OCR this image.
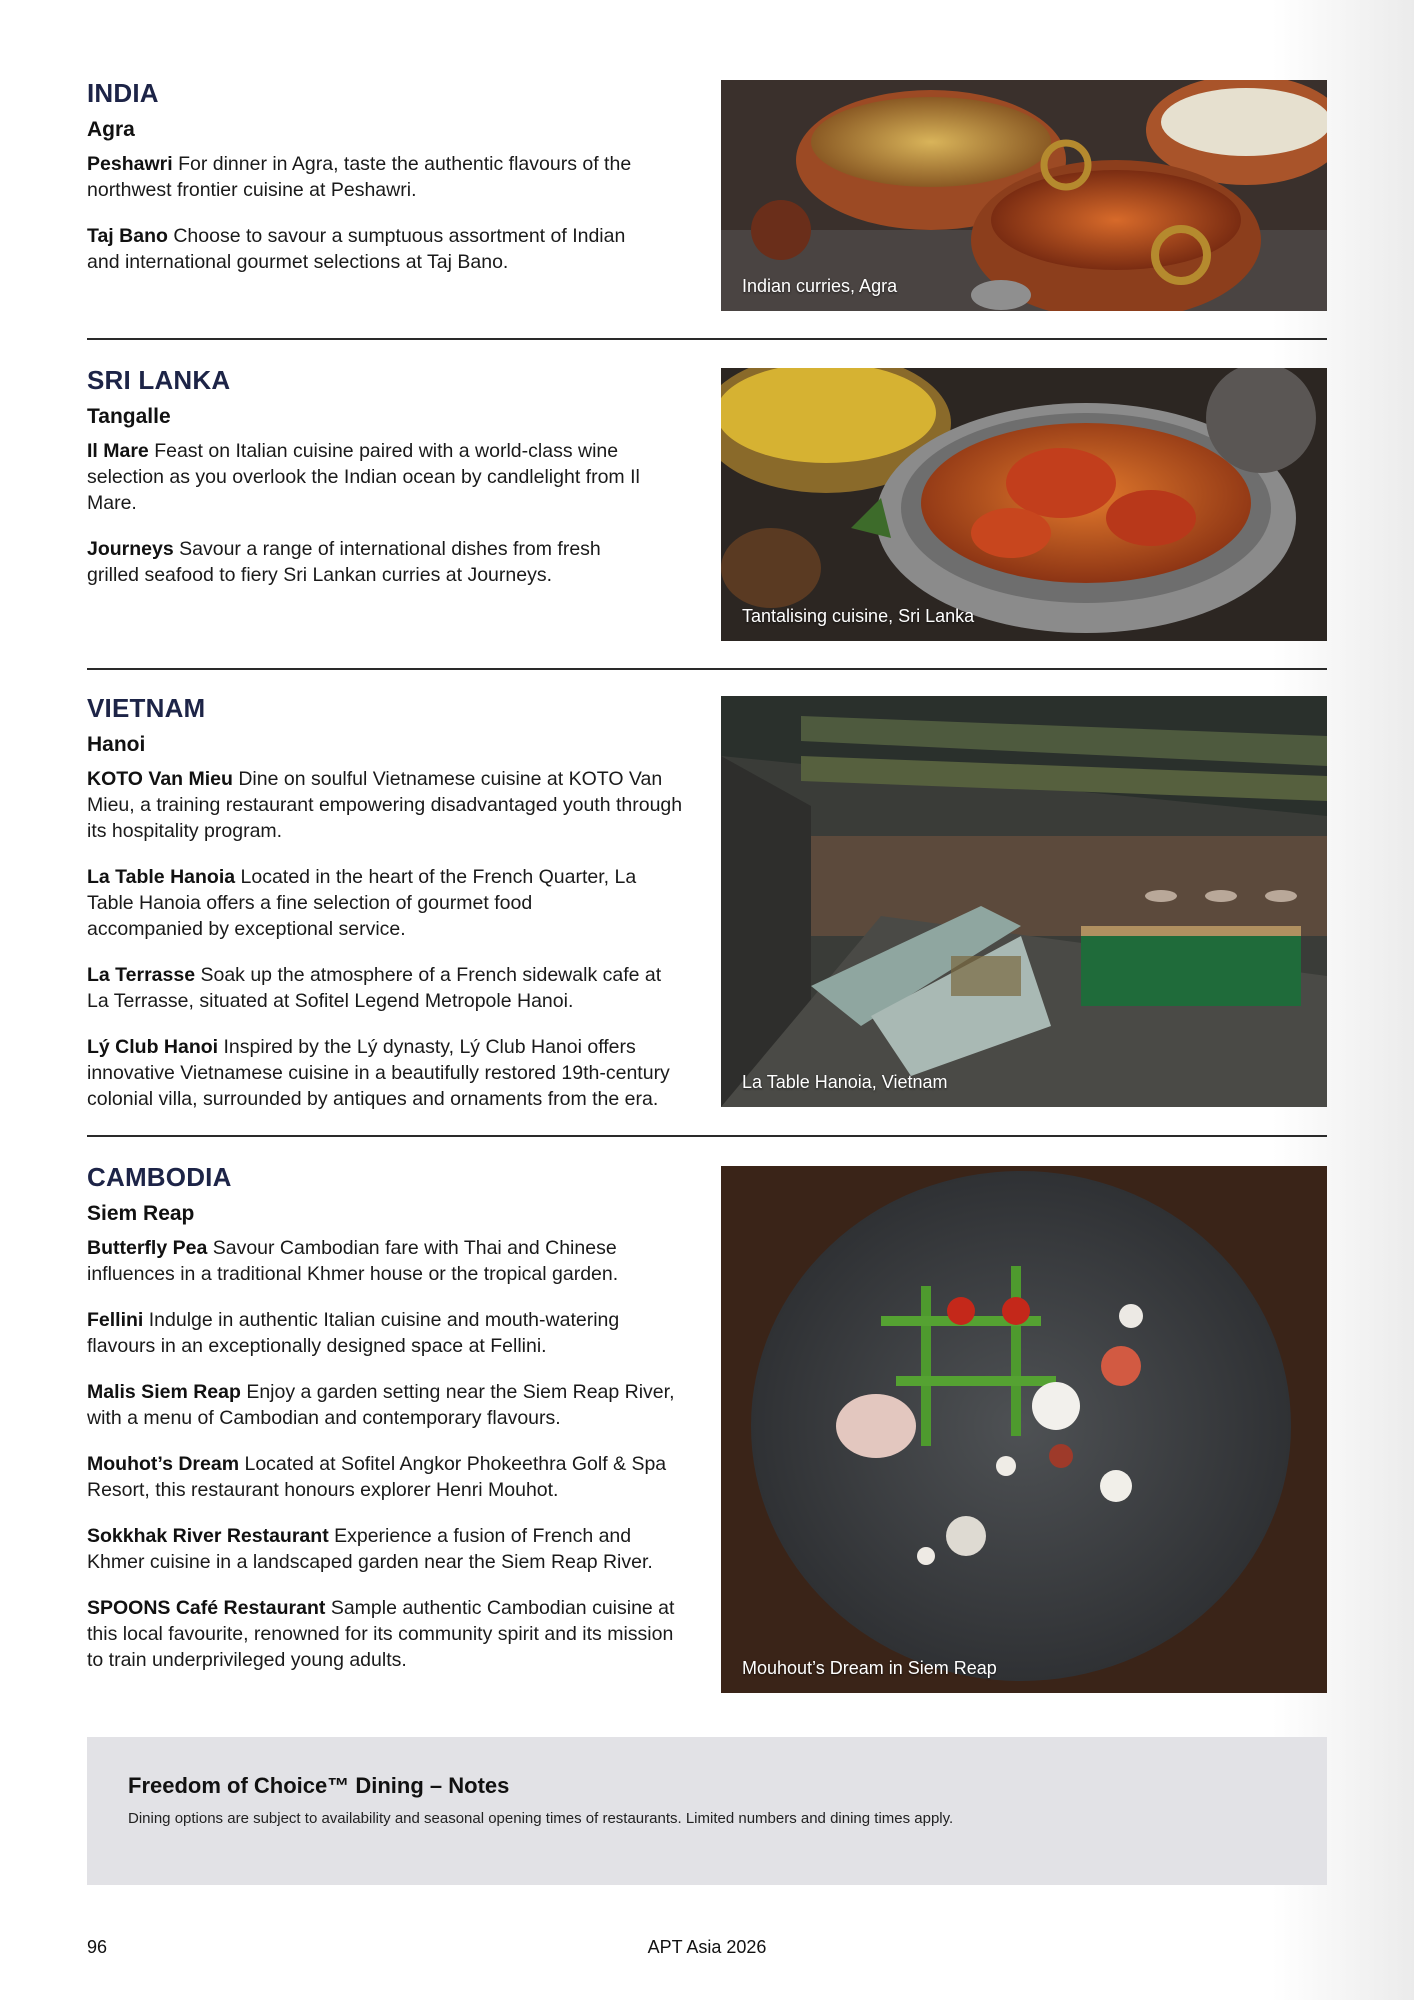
INDIA
Agra

Peshawri For dinner in Agra, taste the authentic flavours of the northwest frontier cuisine at Peshawri.

Taj Bano Choose to savour a sumptuous assortment of Indian and international gourmet selections at Taj Bano.

Indian curries, Agra
SRI LANKA
Tangalle

Il Mare Feast on Italian cuisine paired with a world-class wine selection as you overlook the Indian ocean by candlelight from Il Mare.

Journeys Savour a range of international dishes from fresh grilled seafood to fiery Sri Lankan curries at Journeys.

Tantalising cuisine, Sri Lanka
VIETNAM
Hanoi

KOTO Van Mieu Dine on soulful Vietnamese cuisine at KOTO Van Mieu, a training restaurant empowering disadvantaged youth through its hospitality program.

La Table Hanoia Located in the heart of the French Quarter, La Table Hanoia offers a fine selection of gourmet food accompanied by exceptional service.

La Terrasse Soak up the atmosphere of a French sidewalk cafe at La Terrasse, situated at Sofitel Legend Metropole Hanoi.

Lý Club Hanoi Inspired by the Lý dynasty, Lý Club Hanoi offers innovative Vietnamese cuisine in a beautifully restored 19th-century colonial villa, surrounded by antiques and ornaments from the era.

La Table Hanoia, Vietnam
CAMBODIA
Siem Reap

Butterfly Pea Savour Cambodian fare with Thai and Chinese influences in a traditional Khmer house or the tropical garden.

Fellini Indulge in authentic Italian cuisine and mouth-watering flavours in an exceptionally designed space at Fellini.

Malis Siem Reap Enjoy a garden setting near the Siem Reap River, with a menu of Cambodian and contemporary flavours.

Mouhot’s Dream Located at Sofitel Angkor Phokeethra Golf & Spa Resort, this restaurant honours explorer Henri Mouhot.

Sokkhak River Restaurant Experience a fusion of French and Khmer cuisine in a landscaped garden near the Siem Reap River.

SPOONS Café Restaurant Sample authentic Cambodian cuisine at this local favourite, renowned for its community spirit and its mission to train underprivileged young adults.	Mouhout’s Dream in Siem Reap
Freedom of Choice™ Dining – Notes
Dining options are subject to availability and seasonal opening times of restaurants. Limited numbers and dining times apply.
96	APT Asia 2026
